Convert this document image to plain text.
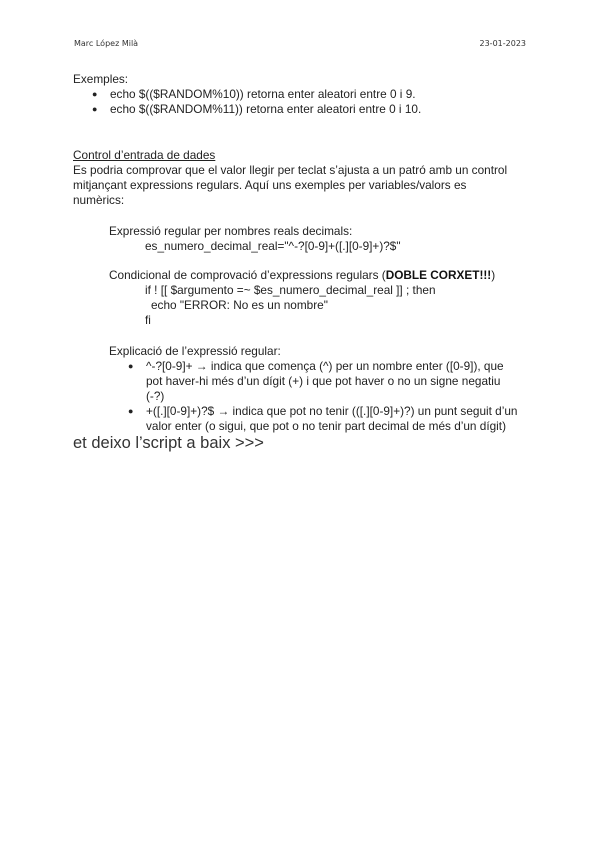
Marc López Milà	23-01-2023
Exemples:
● echo $(($RANDOM%10)) retorna enter aleatori entre 0 i 9.
● echo $(($RANDOM%11)) retorna enter aleatori entre 0 i 10.
Control d’entrada de dades
Es podria comprovar que el valor llegir per teclat s’ajusta a un patró amb un control
mitjançant expressions regulars. Aquí uns exemples per variables/valors es
numèrics:
Expressió regular per nombres reals decimals:
es_numero_decimal_real="^-?[0-9]+([.][0-9]+)?$"
Condicional de comprovació d’expressions regulars (DOBLE CORXET!!!)
if ! [[ $argumento =~ $es_numero_decimal_real ]] ; then
echo "ERROR: No es un nombre"
fi
Explicació de l’expressió regular:
● ^-?[0-9]+ → indica que comença (^) per un nombre enter ([0-9]), que
pot haver-hi més d’un dígit (+) i que pot haver o no un signe negatiu
(-?)
● +([.][0-9]+)?$ → indica que pot no tenir (([.][0-9]+)?) un punt seguit d’un
valor enter (o sigui, que pot o no tenir part decimal de més d’un dígit)
et deixo l’script a baix >>>
